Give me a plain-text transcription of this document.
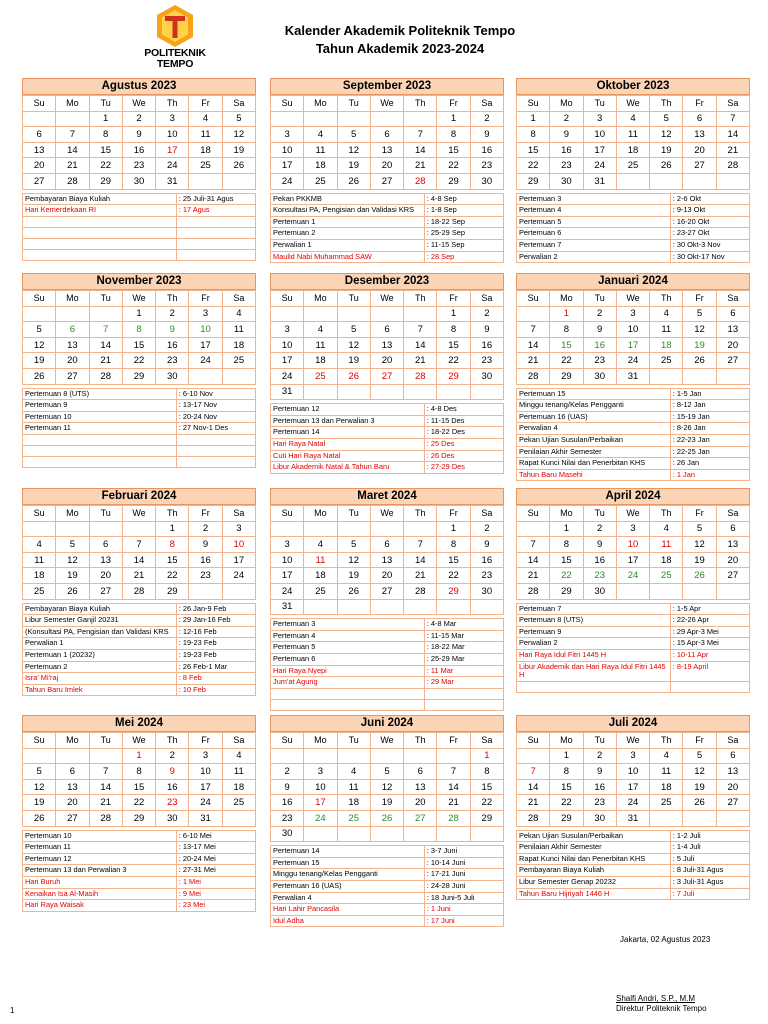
POLITEKNIK TEMPO
Kalender Akademik Politeknik Tempo
Tahun Akademik 2023-2024
Agustus 2023
Su	Mo	Tu	We	Th	Fr	Sa
		1	2	3	4	5
6	7	8	9	10	11	12
13	14	15	16	17	18	19
20	21	22	23	24	25	26
27	28	29	30	31		
Pembayaran Biaya Kuliah	: 25 Juli-31 Agus
Hari Kemerdekaan RI	: 17 Agus

September 2023
Su	Mo	Tu	We	Th	Fr	Sa
					1	2
3	4	5	6	7	8	9
10	11	12	13	14	15	16
17	18	19	20	21	22	23
24	25	26	27	28	29	30
Pekan PKKMB	: 4-8 Sep
Konsultasi PA, Pengisian dan Validasi KRS	: 1-8 Sep
Pertemuan 1	: 18-22 Sep
Pertemuan 2	: 25-29 Sep
Perwalian 1	: 11-15 Sep
Maulid Nabi Muhammad SAW	: 28 Sep
Oktober 2023
Su	Mo	Tu	We	Th	Fr	Sa
1	2	3	4	5	6	7
8	9	10	11	12	13	14
15	16	17	18	19	20	21
22	23	24	25	26	27	28
29	30	31				
Pertemuan 3	: 2-6 Okt
Pertemuan 4	: 9-13 Okt
Pertemuan 5	: 16-20 Okt
Pertemuan 6	: 23-27 Okt
Pertemuan 7	: 30 Okt-3 Nov
Perwalian 2	: 30 Okt-17 Nov
November 2023
Su	Mo	Tu	We	Th	Fr	Sa
			1	2	3	4
5	6	7	8	9	10	11
12	13	14	15	16	17	18
19	20	21	22	23	24	25
26	27	28	29	30		
Pertemuan 8 (UTS)	: 6-10 Nov
Pertemuan 9	: 13-17 Nov
Pertemuan 10	: 20-24 Nov
Pertemuan 11	: 27 Nov-1 Des

Desember 2023
Su	Mo	Tu	We	Th	Fr	Sa
					1	2
3	4	5	6	7	8	9
10	11	12	13	14	15	16
17	18	19	20	21	22	23
24	25	26	27	28	29	30
31						
Pertemuan 12	: 4-8 Des
Pertemuan 13 dan Perwalian 3	: 11-15 Des
Pertemuan 14	: 18-22 Des
Hari Raya Natal	: 25 Des
Cuti Hari Raya Natal	: 26 Des
Libur Akademik Natal & Tahun Baru	: 27-29 Des
Januari 2024
Su	Mo	Tu	We	Th	Fr	Sa
	1	2	3	4	5	6
7	8	9	10	11	12	13
14	15	16	17	18	19	20
21	22	23	24	25	26	27
28	29	30	31			
Pertemuan 15	: 1-5 Jan
Minggu tenang/Kelas Pengganti	: 8-12 Jan
Pertemuan 16 (UAS)	: 15-19 Jan
Perwalian 4	: 8-26 Jan
Pekan Ujian Susulan/Perbaikan	: 22-23 Jan
Penilaian Akhir Semester	: 22-25 Jan
Rapat Kunci Nilai dan Penerbitan KHS	: 26 Jan
Tahun Baru Masehi	: 1 Jan
Februari 2024
Su	Mo	Tu	We	Th	Fr	Sa
				1	2	3
4	5	6	7	8	9	10
11	12	13	14	15	16	17
18	19	20	21	22	23	24
25	26	27	28	29		
Pembayaran Biaya Kuliah	: 26 Jan-9 Feb
Libur Semester Ganjil 20231	: 29 Jan-16 Feb
(Konsultasi PA, Pengisian dan Validasi KRS	: 12-16 Feb
Perwalian 1	: 19-23 Feb
Pertemuan 1 (20232)	: 19-23 Feb
Pertemuan 2	: 26 Feb-1 Mar
Isra' Mi'raj	: 8 Feb
Tahun Baru Imlek	: 10 Feb
Maret 2024
Su	Mo	Tu	We	Th	Fr	Sa
					1	2
3	4	5	6	7	8	9
10	11	12	13	14	15	16
17	18	19	20	21	22	23
24	25	26	27	28	29	30
31						
Pertemuan 3	: 4-8 Mar
Pertemuan 4	: 11-15 Mar
Pertemuan 5	: 18-22 Mar
Pertemuan 6	: 25-29 Mar
Hari Raya Nyepi	: 11 Mar
Jum'at Agung	: 29 Mar

April 2024
Su	Mo	Tu	We	Th	Fr	Sa
	1	2	3	4	5	6
7	8	9	10	11	12	13
14	15	16	17	18	19	20
21	22	23	24	25	26	27
28	29	30				
Pertemuan 7	: 1-5 Apr
Pertemuan 8 (UTS)	: 22-26 Apr
Pertemuan 9	: 29 Apr-3 Mei
Perwalian 2	: 15 Apr-3 Mei
Hari Raya Idul Fitri 1445 H	: 10-11 Apr
Libur Akademik dan Hari Raya Idul Fitri 1445 H	: 8-19 April

Mei 2024
Su	Mo	Tu	We	Th	Fr	Sa
			1	2	3	4
5	6	7	8	9	10	11
12	13	14	15	16	17	18
19	20	21	22	23	24	25
26	27	28	29	30	31	
Pertemuan 10	: 6-10 Mei
Pertemuan 11	: 13-17 Mei
Pertemuan 12	: 20-24 Mei
Pertemuan 13 dan Perwalian 3	: 27-31 Mei
Hari Buruh	: 1 Mei
Kenaikan Isa Al-Masih	: 9 Mei
Hari Raya Waisak	: 23 Mei
Juni 2024
Su	Mo	Tu	We	Th	Fr	Sa
						1
2	3	4	5	6	7	8
9	10	11	12	13	14	15
16	17	18	19	20	21	22
23	24	25	26	27	28	29
30						
Pertemuan 14	: 3-7 Juni
Pertemuan 15	: 10-14 Juni
Minggu tenang/Kelas Pengganti	: 17-21 Juni
Pertemuan 16 (UAS)	: 24-28 Juni
Perwalian 4	: 18 Juni-5 Juli
Hari Lahir Pancasila	: 1 Juni
Idul Adha	: 17 Juni
Juli 2024
Su	Mo	Tu	We	Th	Fr	Sa
	1	2	3	4	5	6
7	8	9	10	11	12	13
14	15	16	17	18	19	20
21	22	23	24	25	26	27
28	29	30	31			
Pekan Ujian Susulan/Perbaikan	: 1-2 Juli
Penilaian Akhir Semester	: 1-4 Juli
Rapat Kunci Nilai dan Penerbitan KHS	: 5 Juli
Pembayaran Biaya Kuliah	: 8 Juli-31 Agus
Libur Semester Genap 20232	: 3 Juli-31 Agus
Tahun Baru Hijriyah 1446 H	: 7 Juli
Jakarta, 02 Agustus 2023
Shalfi Andri, S.P., M.M
Direktur Politeknik Tempo
1
